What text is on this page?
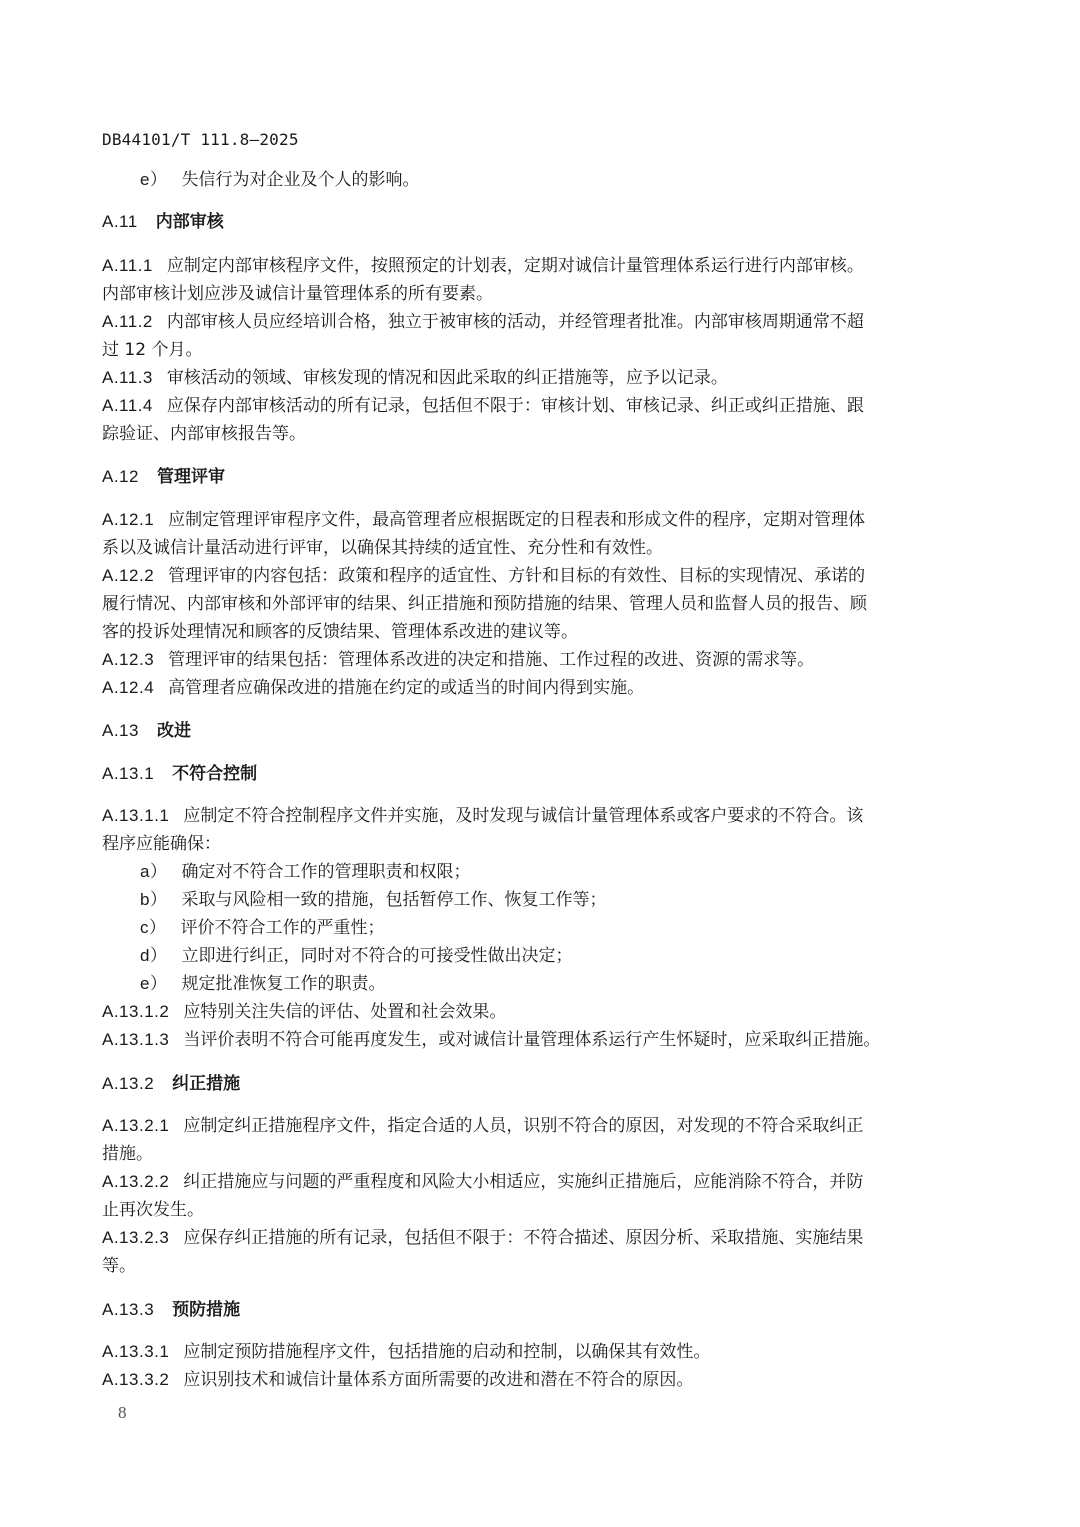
DB44101/T 111.8—2025
e） 失信行为对企业及个人的影响。
A.11 内部审核
A.11.1 应制定内部审核程序文件，按照预定的计划表，定期对诚信计量管理体系运行进行内部审核。
内部审核计划应涉及诚信计量管理体系的所有要素。
A.11.2 内部审核人员应经培训合格，独立于被审核的活动，并经管理者批准。内部审核周期通常不超
过 12 个月。
A.11.3 审核活动的领域、审核发现的情况和因此采取的纠正措施等，应予以记录。
A.11.4 应保存内部审核活动的所有记录，包括但不限于：审核计划、审核记录、纠正或纠正措施、跟
踪验证、内部审核报告等。
A.12 管理评审
A.12.1 应制定管理评审程序文件，最高管理者应根据既定的日程表和形成文件的程序，定期对管理体
系以及诚信计量活动进行评审，以确保其持续的适宜性、充分性和有效性。
A.12.2 管理评审的内容包括：政策和程序的适宜性、方针和目标的有效性、目标的实现情况、承诺的
履行情况、内部审核和外部评审的结果、纠正措施和预防措施的结果、管理人员和监督人员的报告、顾
客的投诉处理情况和顾客的反馈结果、管理体系改进的建议等。
A.12.3 管理评审的结果包括：管理体系改进的决定和措施、工作过程的改进、资源的需求等。
A.12.4 高管理者应确保改进的措施在约定的或适当的时间内得到实施。
A.13 改进
A.13.1 不符合控制
A.13.1.1 应制定不符合控制程序文件并实施，及时发现与诚信计量管理体系或客户要求的不符合。该
程序应能确保：
a） 确定对不符合工作的管理职责和权限；
b） 采取与风险相一致的措施，包括暂停工作、恢复工作等；
c） 评价不符合工作的严重性；
d） 立即进行纠正，同时对不符合的可接受性做出决定；
e） 规定批准恢复工作的职责。
A.13.1.2 应特别关注失信的评估、处置和社会效果。
A.13.1.3 当评价表明不符合可能再度发生，或对诚信计量管理体系运行产生怀疑时，应采取纠正措施。
A.13.2 纠正措施
A.13.2.1 应制定纠正措施程序文件，指定合适的人员，识别不符合的原因，对发现的不符合采取纠正
措施。
A.13.2.2 纠正措施应与问题的严重程度和风险大小相适应，实施纠正措施后，应能消除不符合，并防
止再次发生。
A.13.2.3 应保存纠正措施的所有记录，包括但不限于：不符合描述、原因分析、采取措施、实施结果
等。
A.13.3 预防措施
A.13.3.1 应制定预防措施程序文件，包括措施的启动和控制，以确保其有效性。
A.13.3.2 应识别技术和诚信计量体系方面所需要的改进和潜在不符合的原因。
8
